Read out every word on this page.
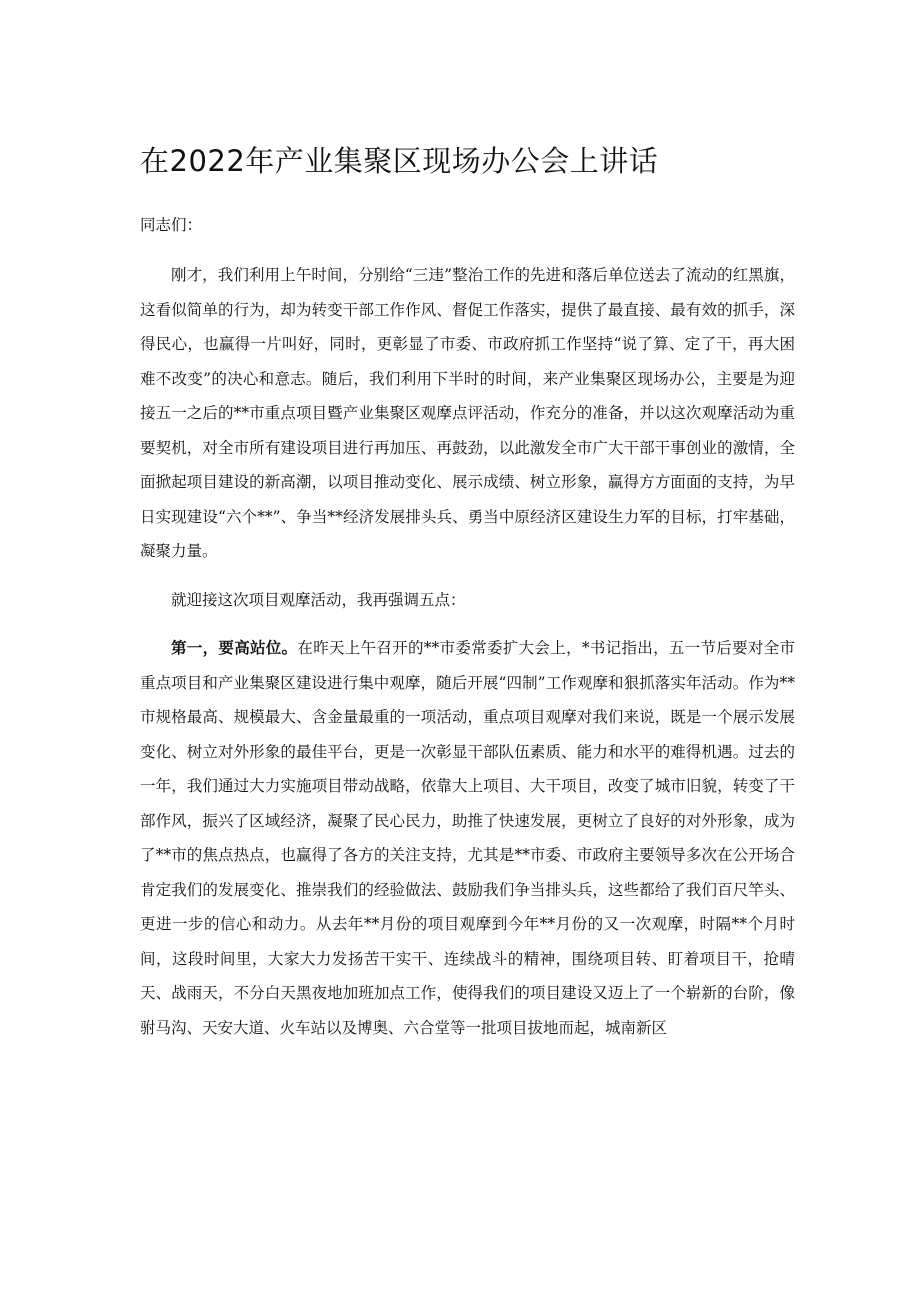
在2022年产业集聚区现场办公会上讲话

同志们：

刚才，我们利用上午时间，分别给“三违”整治工作的先进和落后单位送去了流动的红黑旗，这看似简单的行为，却为转变干部工作作风、督促工作落实，提供了最直接、最有效的抓手，深得民心，也赢得一片叫好，同时，更彰显了市委、市政府抓工作坚持“说了算、定了干，再大困难不改变”的决心和意志。随后，我们利用下半时的时间，来产业集聚区现场办公，主要是为迎接五一之后的**市重点项目暨产业集聚区观摩点评活动，作充分的准备，并以这次观摩活动为重要契机，对全市所有建设项目进行再加压、再鼓劲，以此激发全市广大干部干事创业的激情，全面掀起项目建设的新高潮，以项目推动变化、展示成绩、树立形象，赢得方方面面的支持，为早日实现建设“六个**”、争当**经济发展排头兵、勇当中原经济区建设生力军的目标，打牢基础，凝聚力量。

就迎接这次项目观摩活动，我再强调五点：

第一，要高站位。在昨天上午召开的**市委常委扩大会上，*书记指出，五一节后要对全市重点项目和产业集聚区建设进行集中观摩，随后开展“四制”工作观摩和狠抓落实年活动。作为**市规格最高、规模最大、含金量最重的一项活动，重点项目观摩对我们来说，既是一个展示发展变化、树立对外形象的最佳平台，更是一次彰显干部队伍素质、能力和水平的难得机遇。过去的一年，我们通过大力实施项目带动战略，依靠大上项目、大干项目，改变了城市旧貌，转变了干部作风，振兴了区域经济，凝聚了民心民力，助推了快速发展，更树立了良好的对外形象，成为了**市的焦点热点，也赢得了各方的关注支持，尤其是**市委、市政府主要领导多次在公开场合肯定我们的发展变化、推崇我们的经验做法、鼓励我们争当排头兵，这些都给了我们百尺竿头、更进一步的信心和动力。从去年**月份的项目观摩到今年**月份的又一次观摩，时隔**个月时间，这段时间里，大家大力发扬苦干实干、连续战斗的精神，围绕项目转、盯着项目干，抢晴天、战雨天，不分白天黑夜地加班加点工作，使得我们的项目建设又迈上了一个崭新的台阶，像驸马沟、天安大道、火车站以及博奥、六合堂等一批项目拔地而起，城南新区
